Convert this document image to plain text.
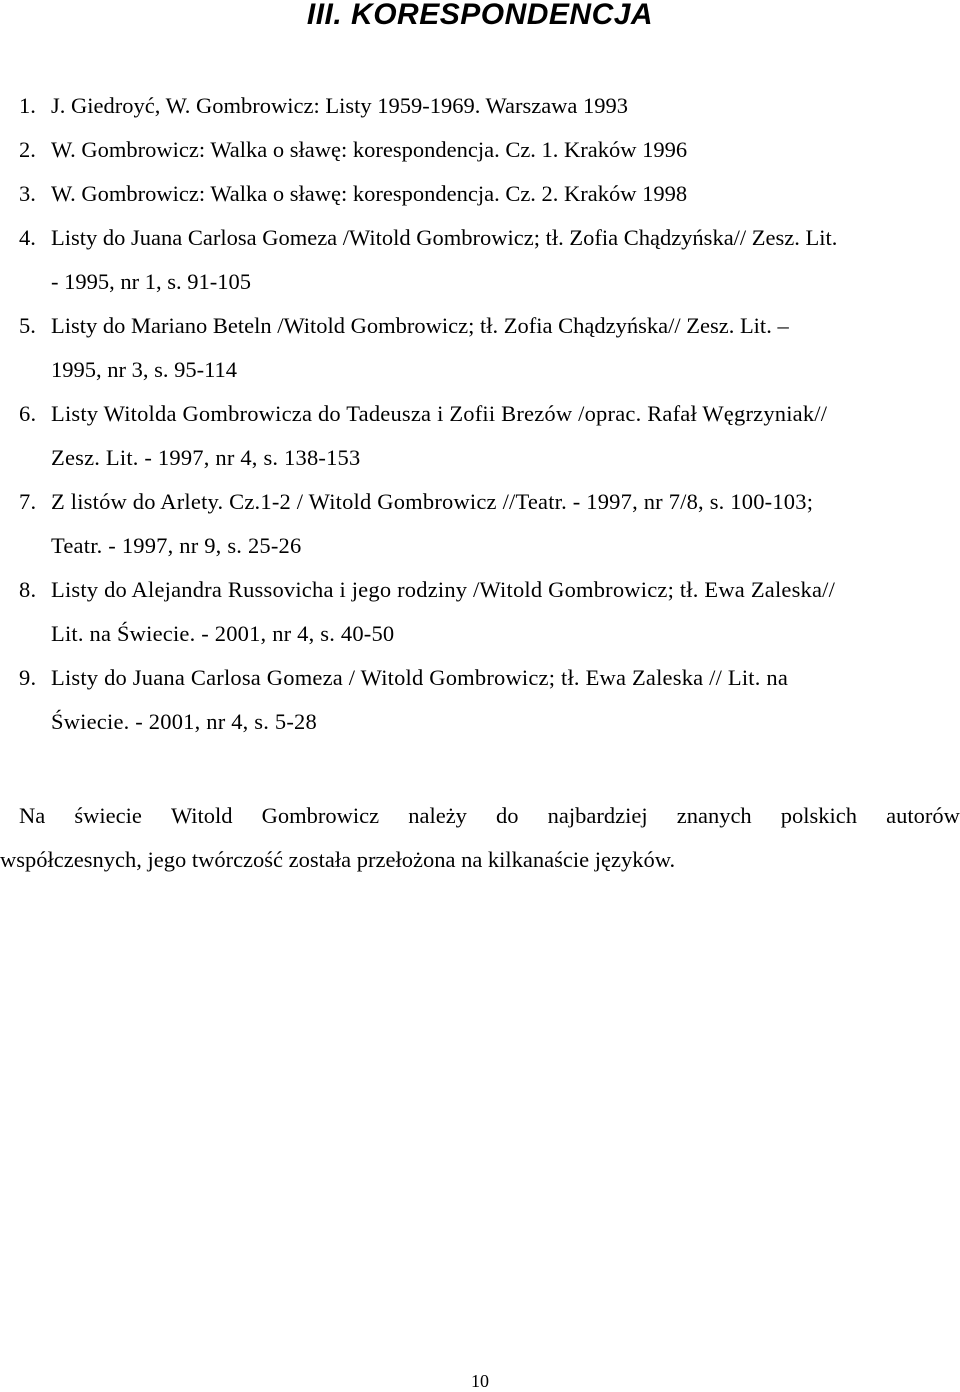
III. KORESPONDENCJA
1. J. Giedroyć, W. Gombrowicz: Listy 1959-1969. Warszawa 1993
2. W. Gombrowicz: Walka o sławę: korespondencja. Cz. 1. Kraków 1996
3. W. Gombrowicz: Walka o sławę: korespondencja. Cz. 2. Kraków 1998
4. Listy do Juana Carlosa Gomeza /Witold Gombrowicz; tł. Zofia Chądzyńska// Zesz. Lit.
- 1995, nr 1, s. 91-105
5. Listy do Mariano Beteln /Witold Gombrowicz; tł. Zofia Chądzyńska// Zesz. Lit. –
1995, nr 3, s. 95-114
6. Listy Witolda Gombrowicza do Tadeusza i Zofii Brezów /oprac. Rafał Węgrzyniak//
Zesz. Lit. - 1997, nr 4, s. 138-153
7. Z listów do Arlety. Cz.1-2 / Witold Gombrowicz //Teatr. - 1997, nr 7/8, s. 100-103;
Teatr. - 1997, nr 9, s. 25-26
8. Listy do Alejandra Russovicha i jego rodziny /Witold Gombrowicz; tł. Ewa Zaleska//
Lit. na Świecie. - 2001, nr 4, s. 40-50
9. Listy do Juana Carlosa Gomeza / Witold Gombrowicz; tł. Ewa Zaleska // Lit. na
Świecie. - 2001, nr 4, s. 5-28
Na świecie Witold Gombrowicz należy do najbardziej znanych polskich autorów
współczesnych, jego twórczość została przełożona na kilkanaście języków.
10
